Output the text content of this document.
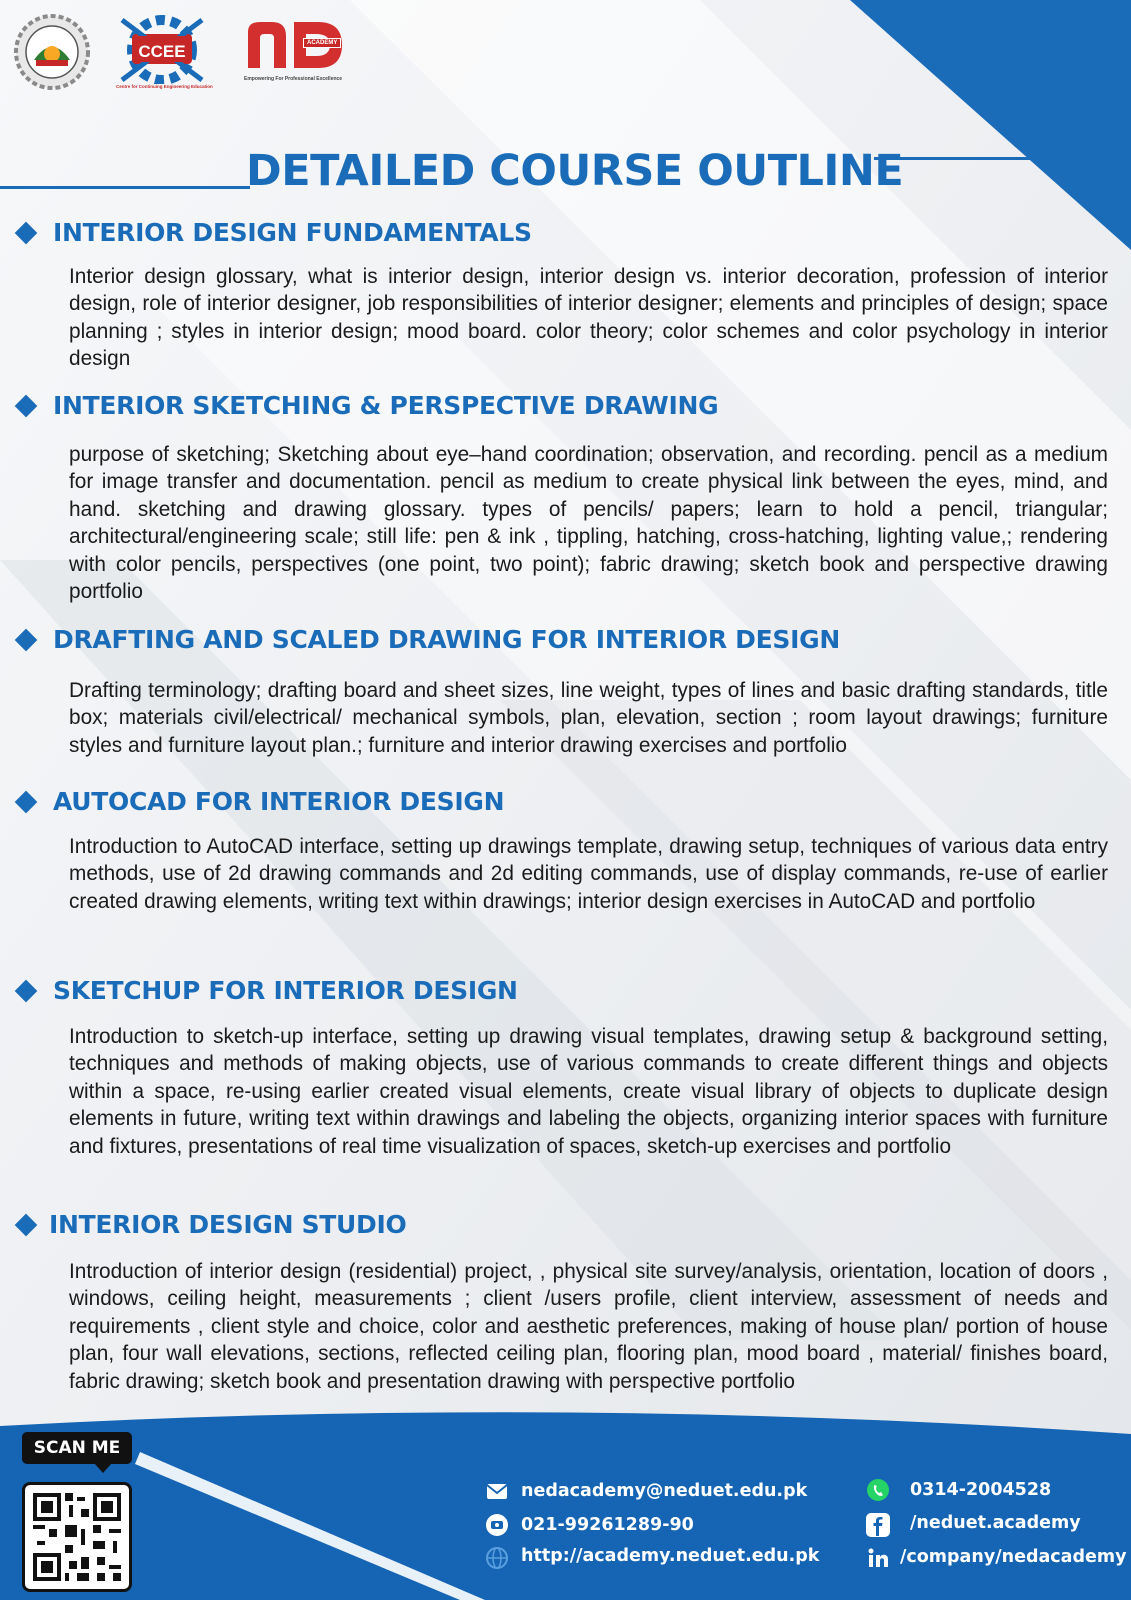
CCEE
Centre for Continuing Engineering Education
ACADEMY
Empowering For Professional Excellence
DETAILED COURSE OUTLINE
INTERIOR DESIGN FUNDAMENTALS

Interior design glossary, what is interior design, interior design vs. interior decoration, profession of interior design, role of interior designer, job responsibilities of interior designer; elements and principles of design; space planning ; styles in interior design; mood board. color theory; color schemes and color psychology in interior design

INTERIOR SKETCHING & PERSPECTIVE DRAWING

purpose of sketching; Sketching about eye–hand coordination; observation, and recording. pencil as a medium for image transfer and documentation. pencil as medium to create physical link between the eyes, mind, and hand. sketching and drawing glossary. types of pencils/ papers; learn to hold a pencil, triangular; architectural/engineering scale; still life: pen & ink , tippling, hatching, cross-hatching, lighting value,; rendering with color pencils, perspectives (one point, two point); fabric drawing; sketch book and perspective drawing portfolio

DRAFTING AND SCALED DRAWING FOR INTERIOR DESIGN

Drafting terminology; drafting board and sheet sizes, line weight, types of lines and basic drafting standards, title box; materials civil/electrical/ mechanical symbols, plan, elevation, section ; room layout drawings; furniture styles and furniture layout plan.; furniture and interior drawing exercises and portfolio

AUTOCAD FOR INTERIOR DESIGN

Introduction to AutoCAD interface, setting up drawings template, drawing setup, techniques of various data entry methods, use of 2d drawing commands and 2d editing commands, use of display commands, re-use of earlier created drawing elements, writing text within drawings; interior design exercises in AutoCAD and portfolio

SKETCHUP FOR INTERIOR DESIGN

Introduction to sketch-up interface, setting up drawing visual templates, drawing setup & background setting, techniques and methods of making objects, use of various commands to create different things and objects within a space, re-using earlier created visual elements, create visual library of objects to duplicate design elements in future, writing text within drawings and labeling the objects, organizing interior spaces with furniture and fixtures, presentations of real time visualization of spaces, sketch-up exercises and portfolio

INTERIOR DESIGN STUDIO

Introduction of interior design (residential) project, , physical site survey/analysis, orientation, location of doors , windows, ceiling height, measurements ; client /users profile, client interview, assessment of needs and requirements , client style and choice, color and aesthetic preferences, making of house plan/ portion of house plan, four wall elevations, sections, reflected ceiling plan, flooring plan, mood board , material/ finishes board, fabric drawing; sketch book and presentation drawing with perspective portfolio

SCAN ME
nedacademy@neduet.edu.pk
021-99261289-90
http://academy.neduet.edu.pk
0314-2004528
/neduet.academy
/company/nedacademy
